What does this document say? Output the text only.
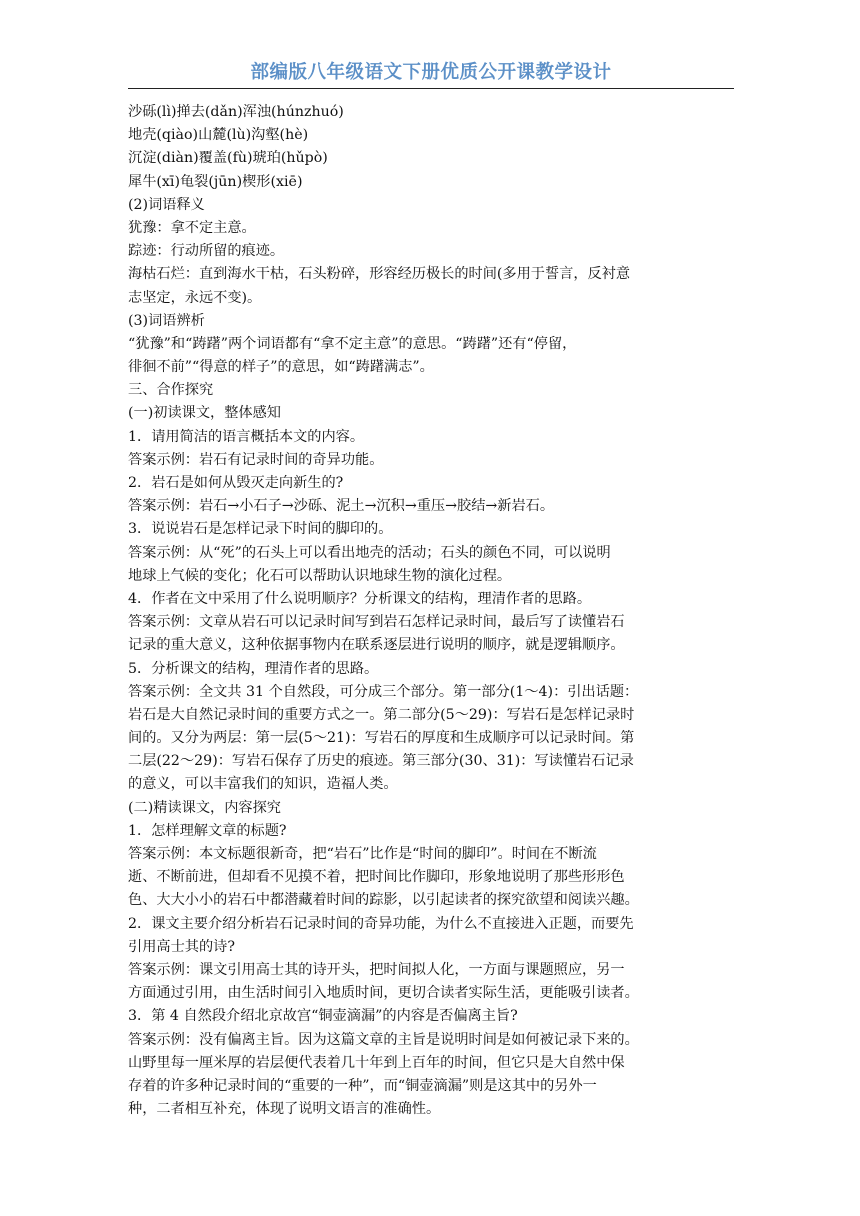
部编版八年级语文下册优质公开课教学设计
沙砾(lì)掸去(dǎn)浑浊(húnzhuó)
地壳(qiào)山麓(lù)沟壑(hè)
沉淀(diàn)覆盖(fù)琥珀(hǔpò)
犀牛(xī)龟裂(jūn)楔形(xiē)
(2)词语释义
犹豫：拿不定主意。
踪迹：行动所留的痕迹。
海枯石烂：直到海水干枯，石头粉碎，形容经历极长的时间(多用于誓言，反衬意
志坚定，永远不变)。
(3)词语辨析
“犹豫”和“踌躇”两个词语都有“拿不定主意”的意思。“踌躇”还有“停留，
徘徊不前”“得意的样子”的意思，如“踌躇满志”。
三、合作探究
(一)初读课文，整体感知
1．请用简洁的语言概括本文的内容。
答案示例：岩石有记录时间的奇异功能。
2．岩石是如何从毁灭走向新生的?
答案示例：岩石→小石子→沙砾、泥土→沉积→重压→胶结→新岩石。
3．说说岩石是怎样记录下时间的脚印的。
答案示例：从“死”的石头上可以看出地壳的活动；石头的颜色不同，可以说明
地球上气候的变化；化石可以帮助认识地球生物的演化过程。
4．作者在文中采用了什么说明顺序？分析课文的结构，理清作者的思路。
答案示例：文章从岩石可以记录时间写到岩石怎样记录时间，最后写了读懂岩石
记录的重大意义，这种依据事物内在联系逐层进行说明的顺序，就是逻辑顺序。
5．分析课文的结构，理清作者的思路。
答案示例：全文共 31 个自然段，可分成三个部分。第一部分(1～4)：引出话题：
岩石是大自然记录时间的重要方式之一。第二部分(5～29)：写岩石是怎样记录时
间的。又分为两层：第一层(5～21)：写岩石的厚度和生成顺序可以记录时间。第
二层(22～29)：写岩石保存了历史的痕迹。第三部分(30、31)：写读懂岩石记录
的意义，可以丰富我们的知识，造福人类。
(二)精读课文，内容探究
1．怎样理解文章的标题?
答案示例：本文标题很新奇，把“岩石”比作是“时间的脚印”。时间在不断流
逝、不断前进，但却看不见摸不着，把时间比作脚印，形象地说明了那些形形色
色、大大小小的岩石中都潜藏着时间的踪影，以引起读者的探究欲望和阅读兴趣。
2．课文主要介绍分析岩石记录时间的奇异功能，为什么不直接进入正题，而要先
引用高士其的诗?
答案示例：课文引用高士其的诗开头，把时间拟人化，一方面与课题照应，另一
方面通过引用，由生活时间引入地质时间，更切合读者实际生活，更能吸引读者。
3．第 4 自然段介绍北京故宫“铜壶滴漏”的内容是否偏离主旨?
答案示例：没有偏离主旨。因为这篇文章的主旨是说明时间是如何被记录下来的。
山野里每一厘米厚的岩层便代表着几十年到上百年的时间，但它只是大自然中保
存着的许多种记录时间的“重要的一种”，而“铜壶滴漏”则是这其中的另外一
种，二者相互补充，体现了说明文语言的准确性。
